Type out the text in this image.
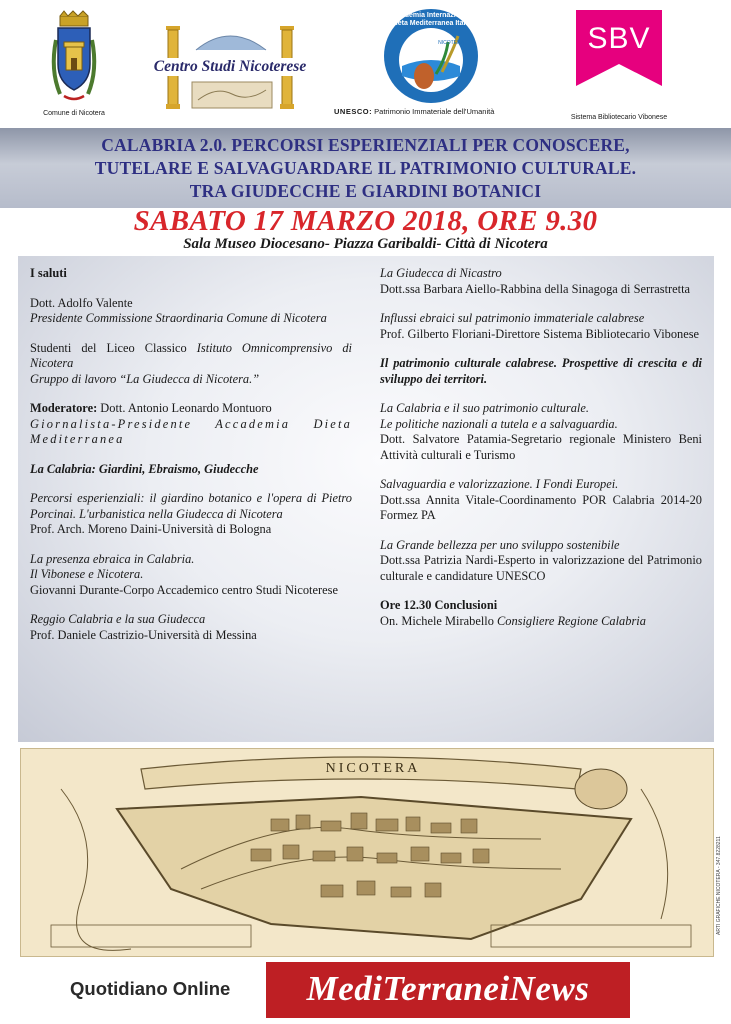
Comune di Nicotera
Centro Studi Nicoterese
Accademia Internazionale Dieta Mediterranea Italia
NICOTERA
UNESCO: Patrimonio Immateriale dell'Umanità
SBV
Sistema Bibliotecario Vibonese
CALABRIA 2.0. PERCORSI ESPERIENZIALI PER CONOSCERE,
TUTELARE E SALVAGUARDARE IL PATRIMONIO CULTURALE.
TRA GIUDECCHE E GIARDINI BOTANICI
SABATO 17 MARZO 2018, ORE 9.30
Sala Museo Diocesano- Piazza Garibaldi- Città di Nicotera

I saluti

Dott. Adolfo Valente
Presidente Commissione Straordinaria Comune di Nicotera

Studenti del Liceo Classico Istituto Omnicomprensivo di Nicotera
Gruppo di lavoro “La Giudecca di Nicotera.”

Moderatore: Dott. Antonio Leonardo Montuoro
Giornalista-Presidente Accademia Dieta Mediterranea

La Calabria: Giardini, Ebraismo, Giudecche

Percorsi esperienziali: il giardino botanico e l'opera di Pietro Porcinai. L'urbanistica nella Giudecca di Nicotera
Prof. Arch. Moreno Daini-Università di Bologna

La presenza ebraica in Calabria.
Il Vibonese e Nicotera.
Giovanni Durante-Corpo Accademico centro Studi Nicoterese

Reggio Calabria e la sua Giudecca
Prof. Daniele Castrizio-Università di Messina

La Giudecca di Nicastro
Dott.ssa Barbara Aiello-Rabbina della Sinagoga di Serrastretta

Influssi ebraici sul patrimonio immateriale calabrese
Prof. Gilberto Floriani-Direttore Sistema Bibliotecario Vibonese

Il patrimonio culturale calabrese. Prospettive di crescita e di sviluppo dei territori.

La Calabria e il suo patrimonio culturale.
Le politiche nazionali a tutela e a salvaguardia.
Dott. Salvatore Patamia-Segretario regionale Ministero Beni Attività culturali e Turismo

Salvaguardia e valorizzazione. I Fondi Europei.
Dott.ssa Annita Vitale-Coordinamento POR Calabria 2014-20 Formez PA

La Grande bellezza per uno sviluppo sostenibile
Dott.ssa Patrizia Nardi-Esperto in valorizzazione del Patrimonio culturale e candidature UNESCO

Ore 12.30 Conclusioni
On. Michele Mirabello Consigliere Regione Calabria

NICOTERA
ARTI GRAFICHE NICOTERA - 347.8228211
Quotidiano Online	MediTerraneiNews
